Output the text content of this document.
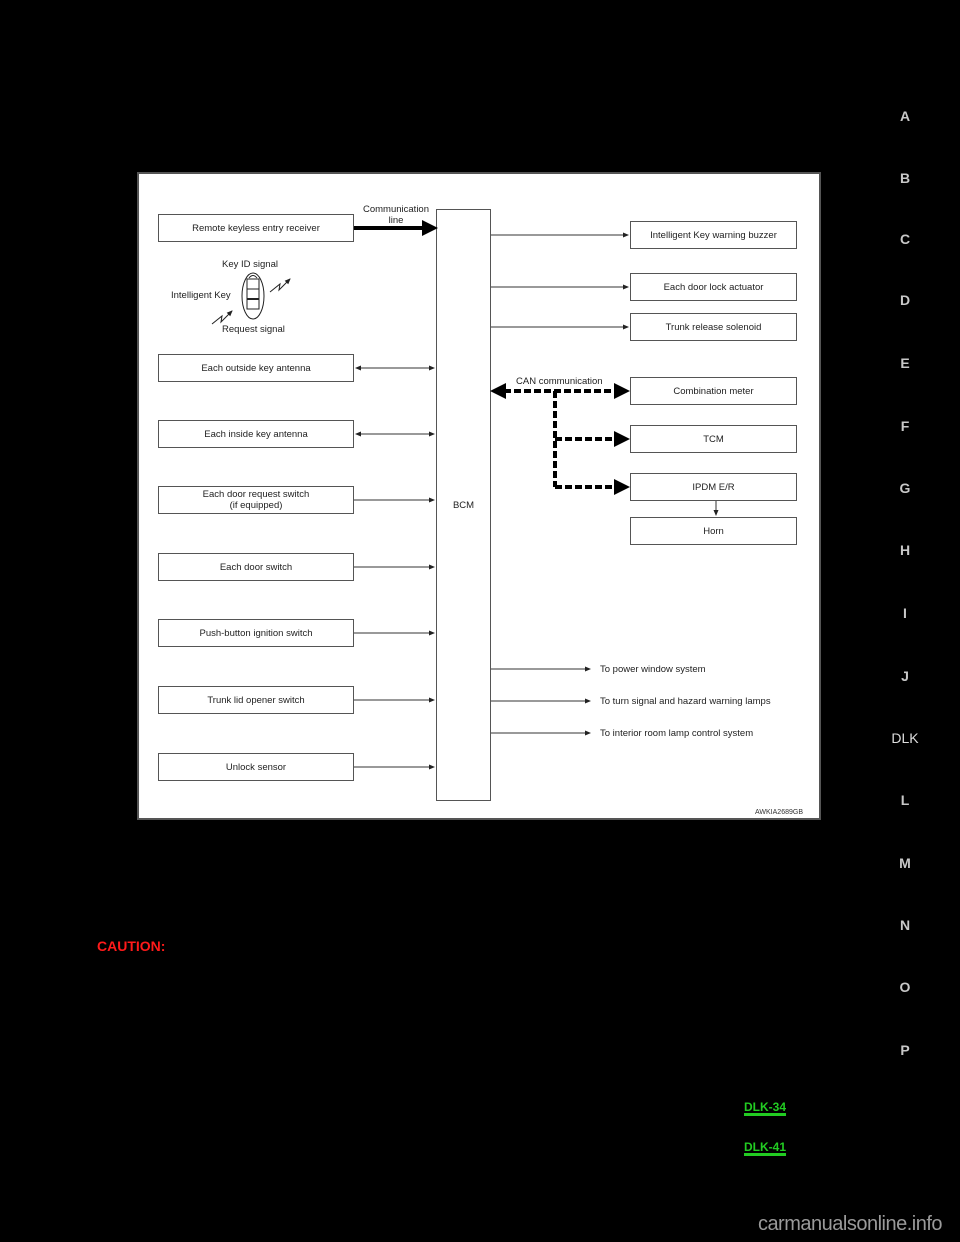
A
B
C
D
E
F
G
H
I
J
DLK
L
M
N
O
P
Remote keyless entry receiver
Each outside key antenna
Each inside key antenna
Each door request switch
(if equipped)
Each door switch
Push-button ignition switch
Trunk lid opener switch
Unlock sensor
BCM
Intelligent Key warning buzzer
Each door lock actuator
Trunk release solenoid
Combination meter
TCM
IPDM E/R
Horn
Communication line
Key ID signal
Intelligent Key
Request signal
CAN communication
To power window system
To turn signal and hazard warning lamps
To interior room lamp control system
AWKIA2689GB
CAUTION:
DLK-34
DLK-41
carmanualsonline.info
